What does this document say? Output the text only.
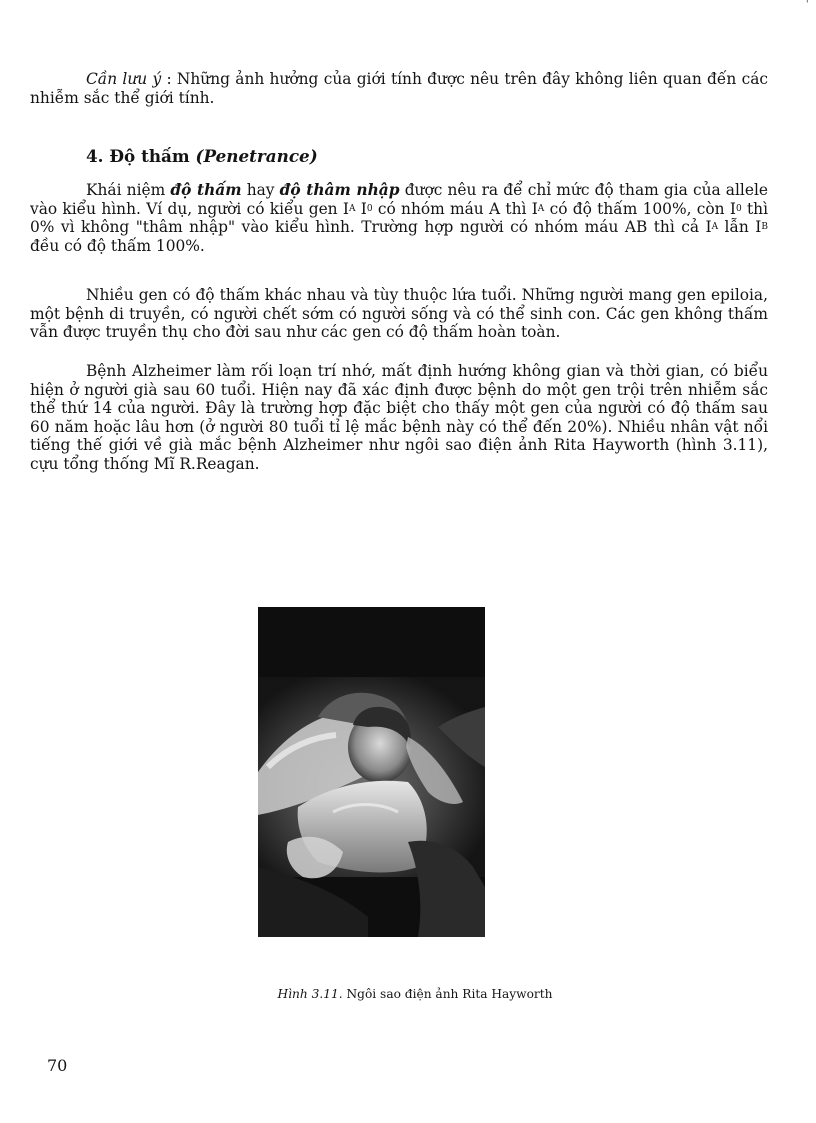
'

Cần lưu ý : Những ảnh hưởng của giới tính được nêu trên đây không liên quan đến các nhiễm sắc thể giới tính.

4. Độ thấm (Penetrance)

Khái niệm độ thấm hay độ thâm nhập được nêu ra để chỉ mức độ tham gia của allele vào kiểu hình. Ví dụ, người có kiểu gen $I^A$ $I^0$ có nhóm máu A thì $I^A$ có độ thấm 100%, còn $I^0$ thì 0% vì không "thâm nhập" vào kiểu hình. Trường hợp người có nhóm máu AB thì cả $I^A$ lẫn $I^B$ đều có độ thấm 100%.

Nhiều gen có độ thấm khác nhau và tùy thuộc lứa tuổi. Những người mang gen epiloia, một bệnh di truyền, có người chết sớm có người sống và có thể sinh con. Các gen không thấm vẫn được truyền thụ cho đời sau như các gen có độ thấm hoàn toàn.

Bệnh Alzheimer làm rối loạn trí nhớ, mất định hướng không gian và thời gian, có biểu hiện ở người già sau 60 tuổi. Hiện nay đã xác định được bệnh do một gen trội trên nhiễm sắc thể thứ 14 của người. Đây là trường hợp đặc biệt cho thấy một gen của người có độ thấm sau 60 năm hoặc lâu hơn (ở người 80 tuổi tỉ lệ mắc bệnh này có thể đến 20%). Nhiều nhân vật nổi tiếng thế giới về già mắc bệnh Alzheimer như ngôi sao điện ảnh Rita Hayworth (hình 3.11), cựu tổng thống Mĩ R.Reagan.

Hình 3.11. Ngôi sao điện ảnh Rita Hayworth

70
